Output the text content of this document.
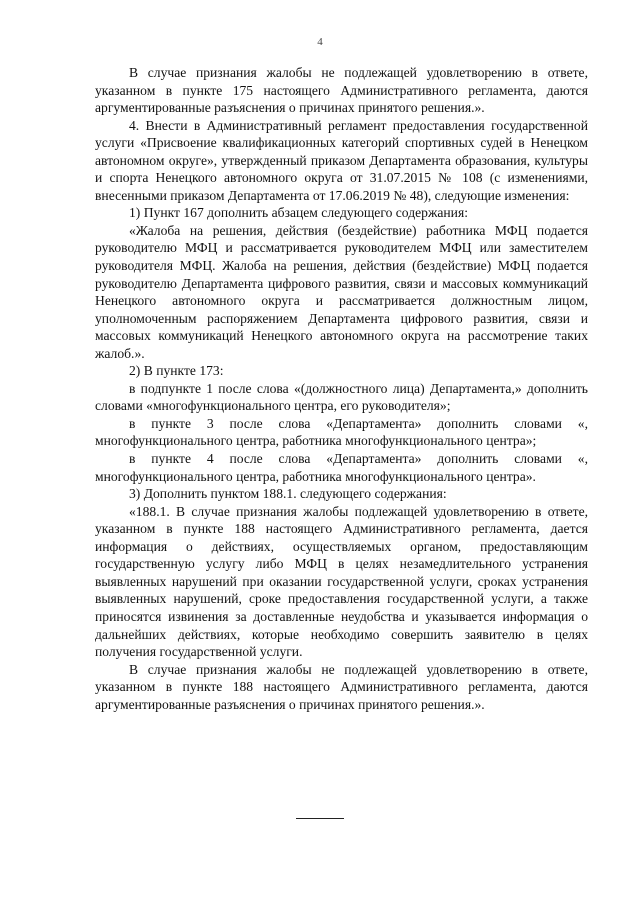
4

В случае признания жалобы не подлежащей удовлетворению в ответе, указанном в пункте 175 настоящего Административного регламента, даются аргументированные разъяснения о причинах принятого решения.».

4. Внести в Административный регламент предоставления государственной услуги «Присвоение квалификационных категорий спортивных судей в Ненецком автономном округе», утвержденный приказом Департамента образования, культуры и спорта Ненецкого автономного округа от 31.07.2015 № 108 (с изменениями, внесенными приказом Департамента от 17.06.2019 № 48), следующие изменения:

1) Пункт 167 дополнить абзацем следующего содержания:

«Жалоба на решения, действия (бездействие) работника МФЦ подается руководителю МФЦ и рассматривается руководителем МФЦ или заместителем руководителя МФЦ. Жалоба на решения, действия (бездействие) МФЦ подается руководителю Департамента цифрового развития, связи и массовых коммуникаций Ненецкого автономного округа и рассматривается должностным лицом, уполномоченным распоряжением Департамента цифрового развития, связи и массовых коммуникаций Ненецкого автономного округа на рассмотрение таких жалоб.».

2) В пункте 173:

в подпункте 1 после слова «(должностного лица) Департамента,» дополнить словами «многофункционального центра, его руководителя»;

в пункте 3 после слова «Департамента» дополнить словами «, многофункционального центра, работника многофункционального центра»;

в пункте 4 после слова «Департамента» дополнить словами «, многофункционального центра, работника многофункционального центра».

3) Дополнить пунктом 188.1. следующего содержания:

«188.1. В случае признания жалобы подлежащей удовлетворению в ответе, указанном в пункте 188 настоящего Административного регламента, дается информация о действиях, осуществляемых органом, предоставляющим государственную услугу либо МФЦ в целях незамедлительного устранения выявленных нарушений при оказании государственной услуги, сроках устранения выявленных нарушений, сроке предоставления государственной услуги, а также приносятся извинения за доставленные неудобства и указывается информация о дальнейших действиях, которые необходимо совершить заявителю в целях получения государственной услуги.

В случае признания жалобы не подлежащей удовлетворению в ответе, указанном в пункте 188 настоящего Административного регламента, даются аргументированные разъяснения о причинах принятого решения.».
